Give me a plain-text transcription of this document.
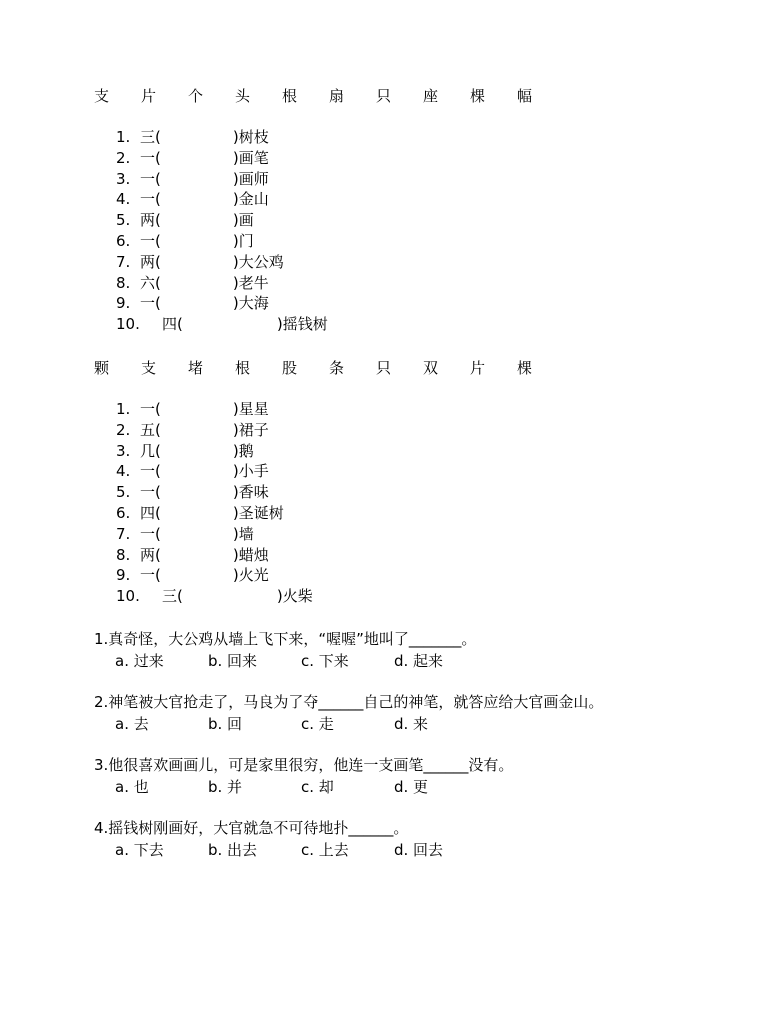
支	片	个	头	根	扇	只	座	棵	幅
1. 三(	)树枝
2. 一(	)画笔
3. 一(	)画师
4. 一(	)金山
5. 两(	)画
6. 一(	)门
7. 两(	)大公鸡
8. 六(	)老牛
9. 一(	)大海
10. 四(	)摇钱树
颗	支	堵	根	股	条	只	双	片	棵
1. 一(	)星星
2. 五(	)裙子
3. 几(	)鹅
4. 一(	)小手
5. 一(	)香味
6. 四(	)圣诞树
7. 一(	)墙
8. 两(	)蜡烛
9. 一(	)火光
10. 三(	)火柴
1.真奇怪，大公鸡从墙上飞下来，“喔喔”地叫了_______。
a. 过来	b. 回来	c. 下来	d. 起来
2.神笔被大官抢走了，马良为了夺______自己的神笔，就答应给大官画金山。
a. 去	b. 回	c. 走	d. 来
3.他很喜欢画画儿，可是家里很穷，他连一支画笔______没有。
a. 也	b. 并	c. 却	d. 更
4.摇钱树刚画好，大官就急不可待地扑______。
a. 下去	b. 出去	c. 上去	d. 回去
